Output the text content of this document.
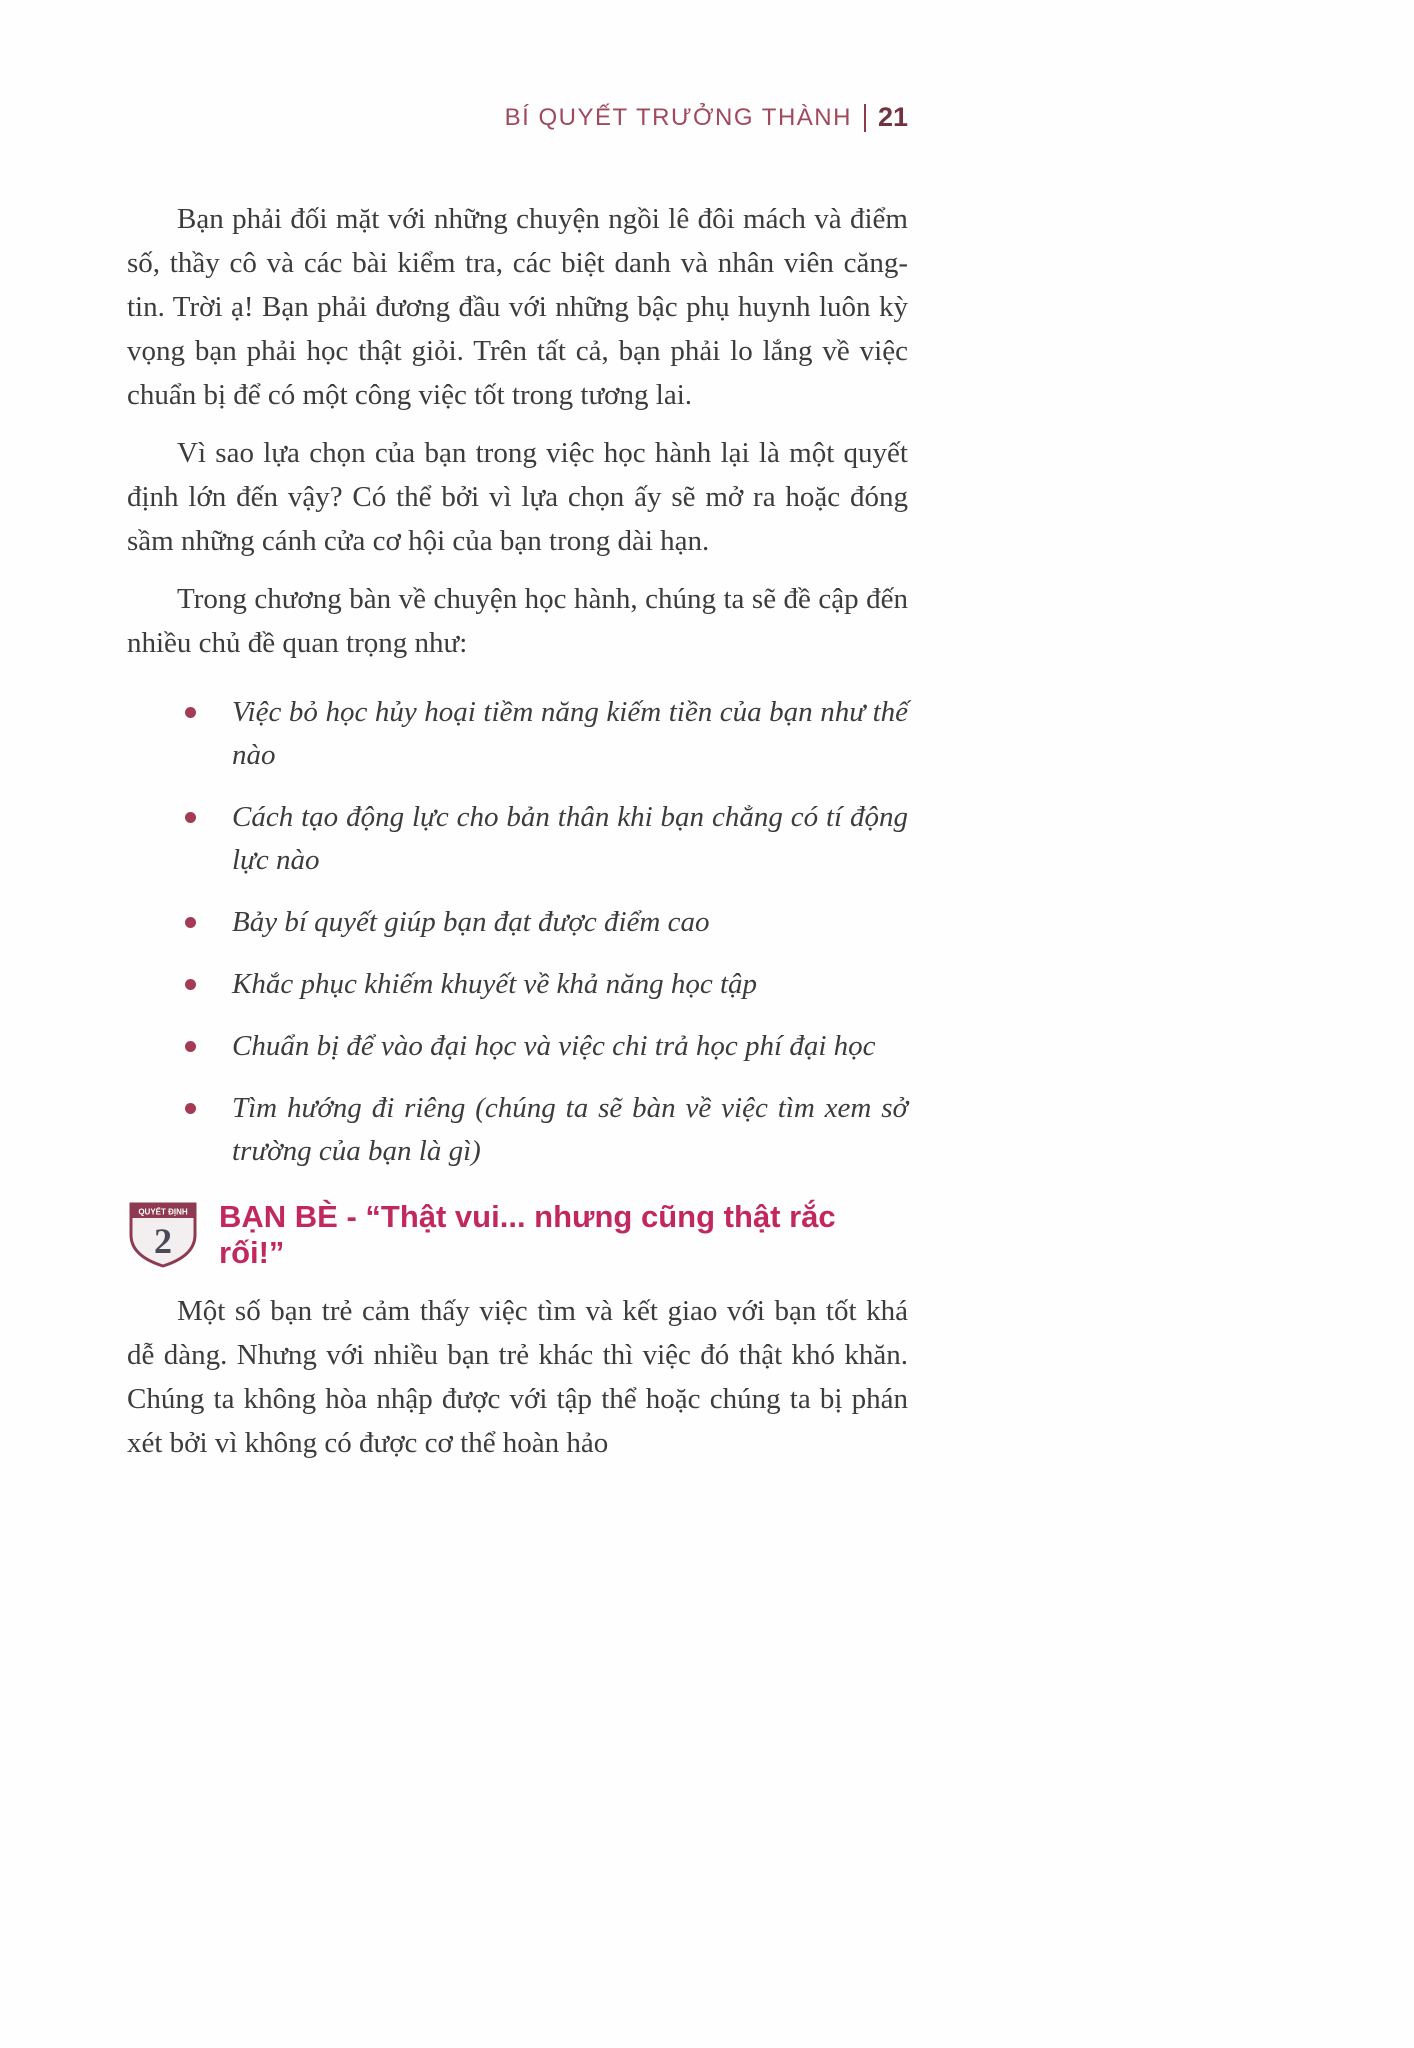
BÍ QUYẾT TRƯỞNG THÀNH 21

Bạn phải đối mặt với những chuyện ngồi lê đôi mách và điểm số, thầy cô và các bài kiểm tra, các biệt danh và nhân viên căng-tin. Trời ạ! Bạn phải đương đầu với những bậc phụ huynh luôn kỳ vọng bạn phải học thật giỏi. Trên tất cả, bạn phải lo lắng về việc chuẩn bị để có một công việc tốt trong tương lai.

Vì sao lựa chọn của bạn trong việc học hành lại là một quyết định lớn đến vậy? Có thể bởi vì lựa chọn ấy sẽ mở ra hoặc đóng sầm những cánh cửa cơ hội của bạn trong dài hạn.

Trong chương bàn về chuyện học hành, chúng ta sẽ đề cập đến nhiều chủ đề quan trọng như:

Việc bỏ học hủy hoại tiềm năng kiếm tiền của bạn như thế nào
Cách tạo động lực cho bản thân khi bạn chẳng có tí động lực nào
Bảy bí quyết giúp bạn đạt được điểm cao
Khắc phục khiếm khuyết về khả năng học tập
Chuẩn bị để vào đại học và việc chi trả học phí đại học
Tìm hướng đi riêng (chúng ta sẽ bàn về việc tìm xem sở trường của bạn là gì)
QUYẾT ĐỊNH
2
BẠN BÈ - “Thật vui... nhưng cũng thật rắc rối!”

Một số bạn trẻ cảm thấy việc tìm và kết giao với bạn tốt khá dễ dàng. Nhưng với nhiều bạn trẻ khác thì việc đó thật khó khăn. Chúng ta không hòa nhập được với tập thể hoặc chúng ta bị phán xét bởi vì không có được cơ thể hoàn hảo
